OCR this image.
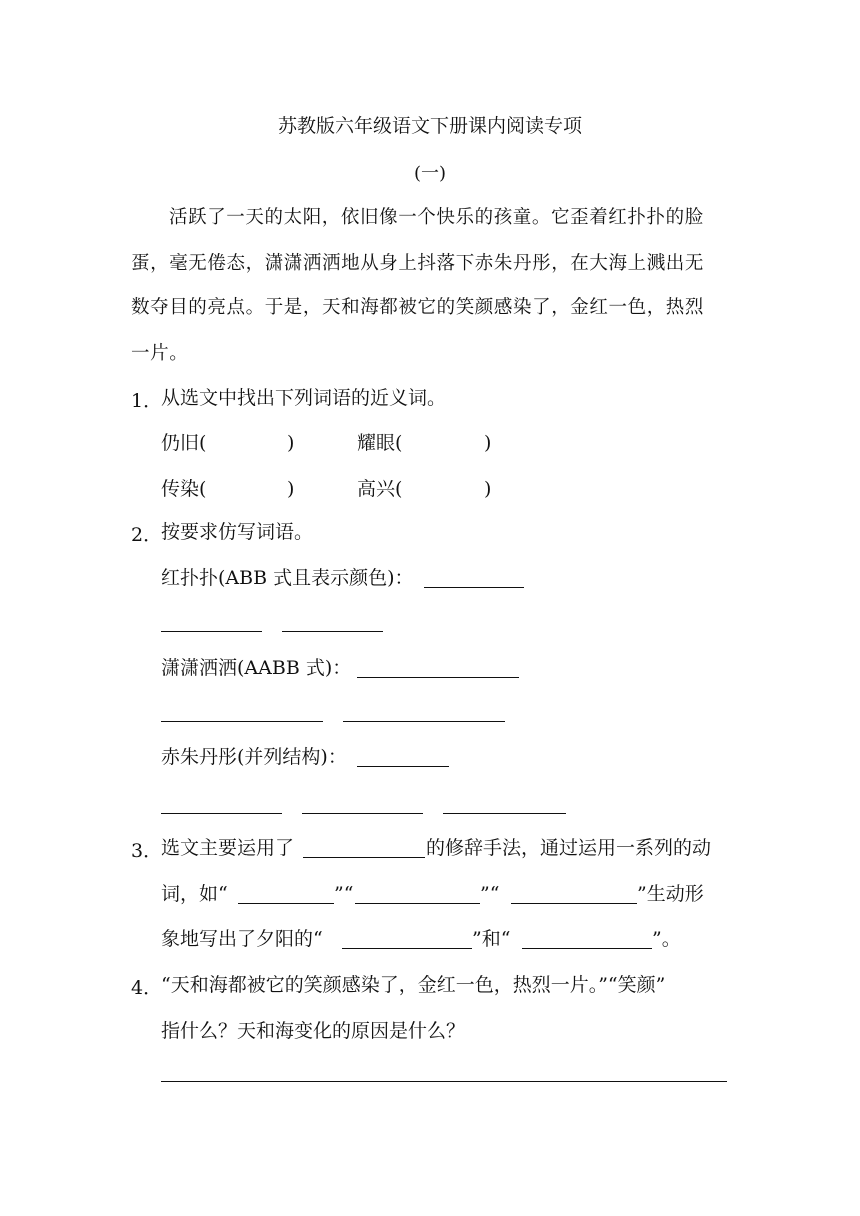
苏教版六年级语文下册课内阅读专项
(一)
活跃了一天的太阳，依旧像一个快乐的孩童。它歪着红扑扑的脸
蛋，毫无倦态，潇潇洒洒地从身上抖落下赤朱丹彤，在大海上溅出无
数夺目的亮点。于是，天和海都被它的笑颜感染了，金红一色，热烈
一片。
1．
从选文中找出下列词语的近义词。
仍旧(	)	耀眼(	)
传染(	)	高兴(	)
2．
按要求仿写词语。
红扑扑(ABB 式且表示颜色)：
潇潇洒洒(AABB 式)：
赤朱丹彤(并列结构)：
3．
选文主要运用了	的修辞手法，通过运用一系列的动
词，如“	”“	”“	”生动形
象地写出了夕阳的“	”和“	”。
4．
“天和海都被它的笑颜感染了，金红一色，热烈一片。”“笑颜”
指什么？天和海变化的原因是什么？
